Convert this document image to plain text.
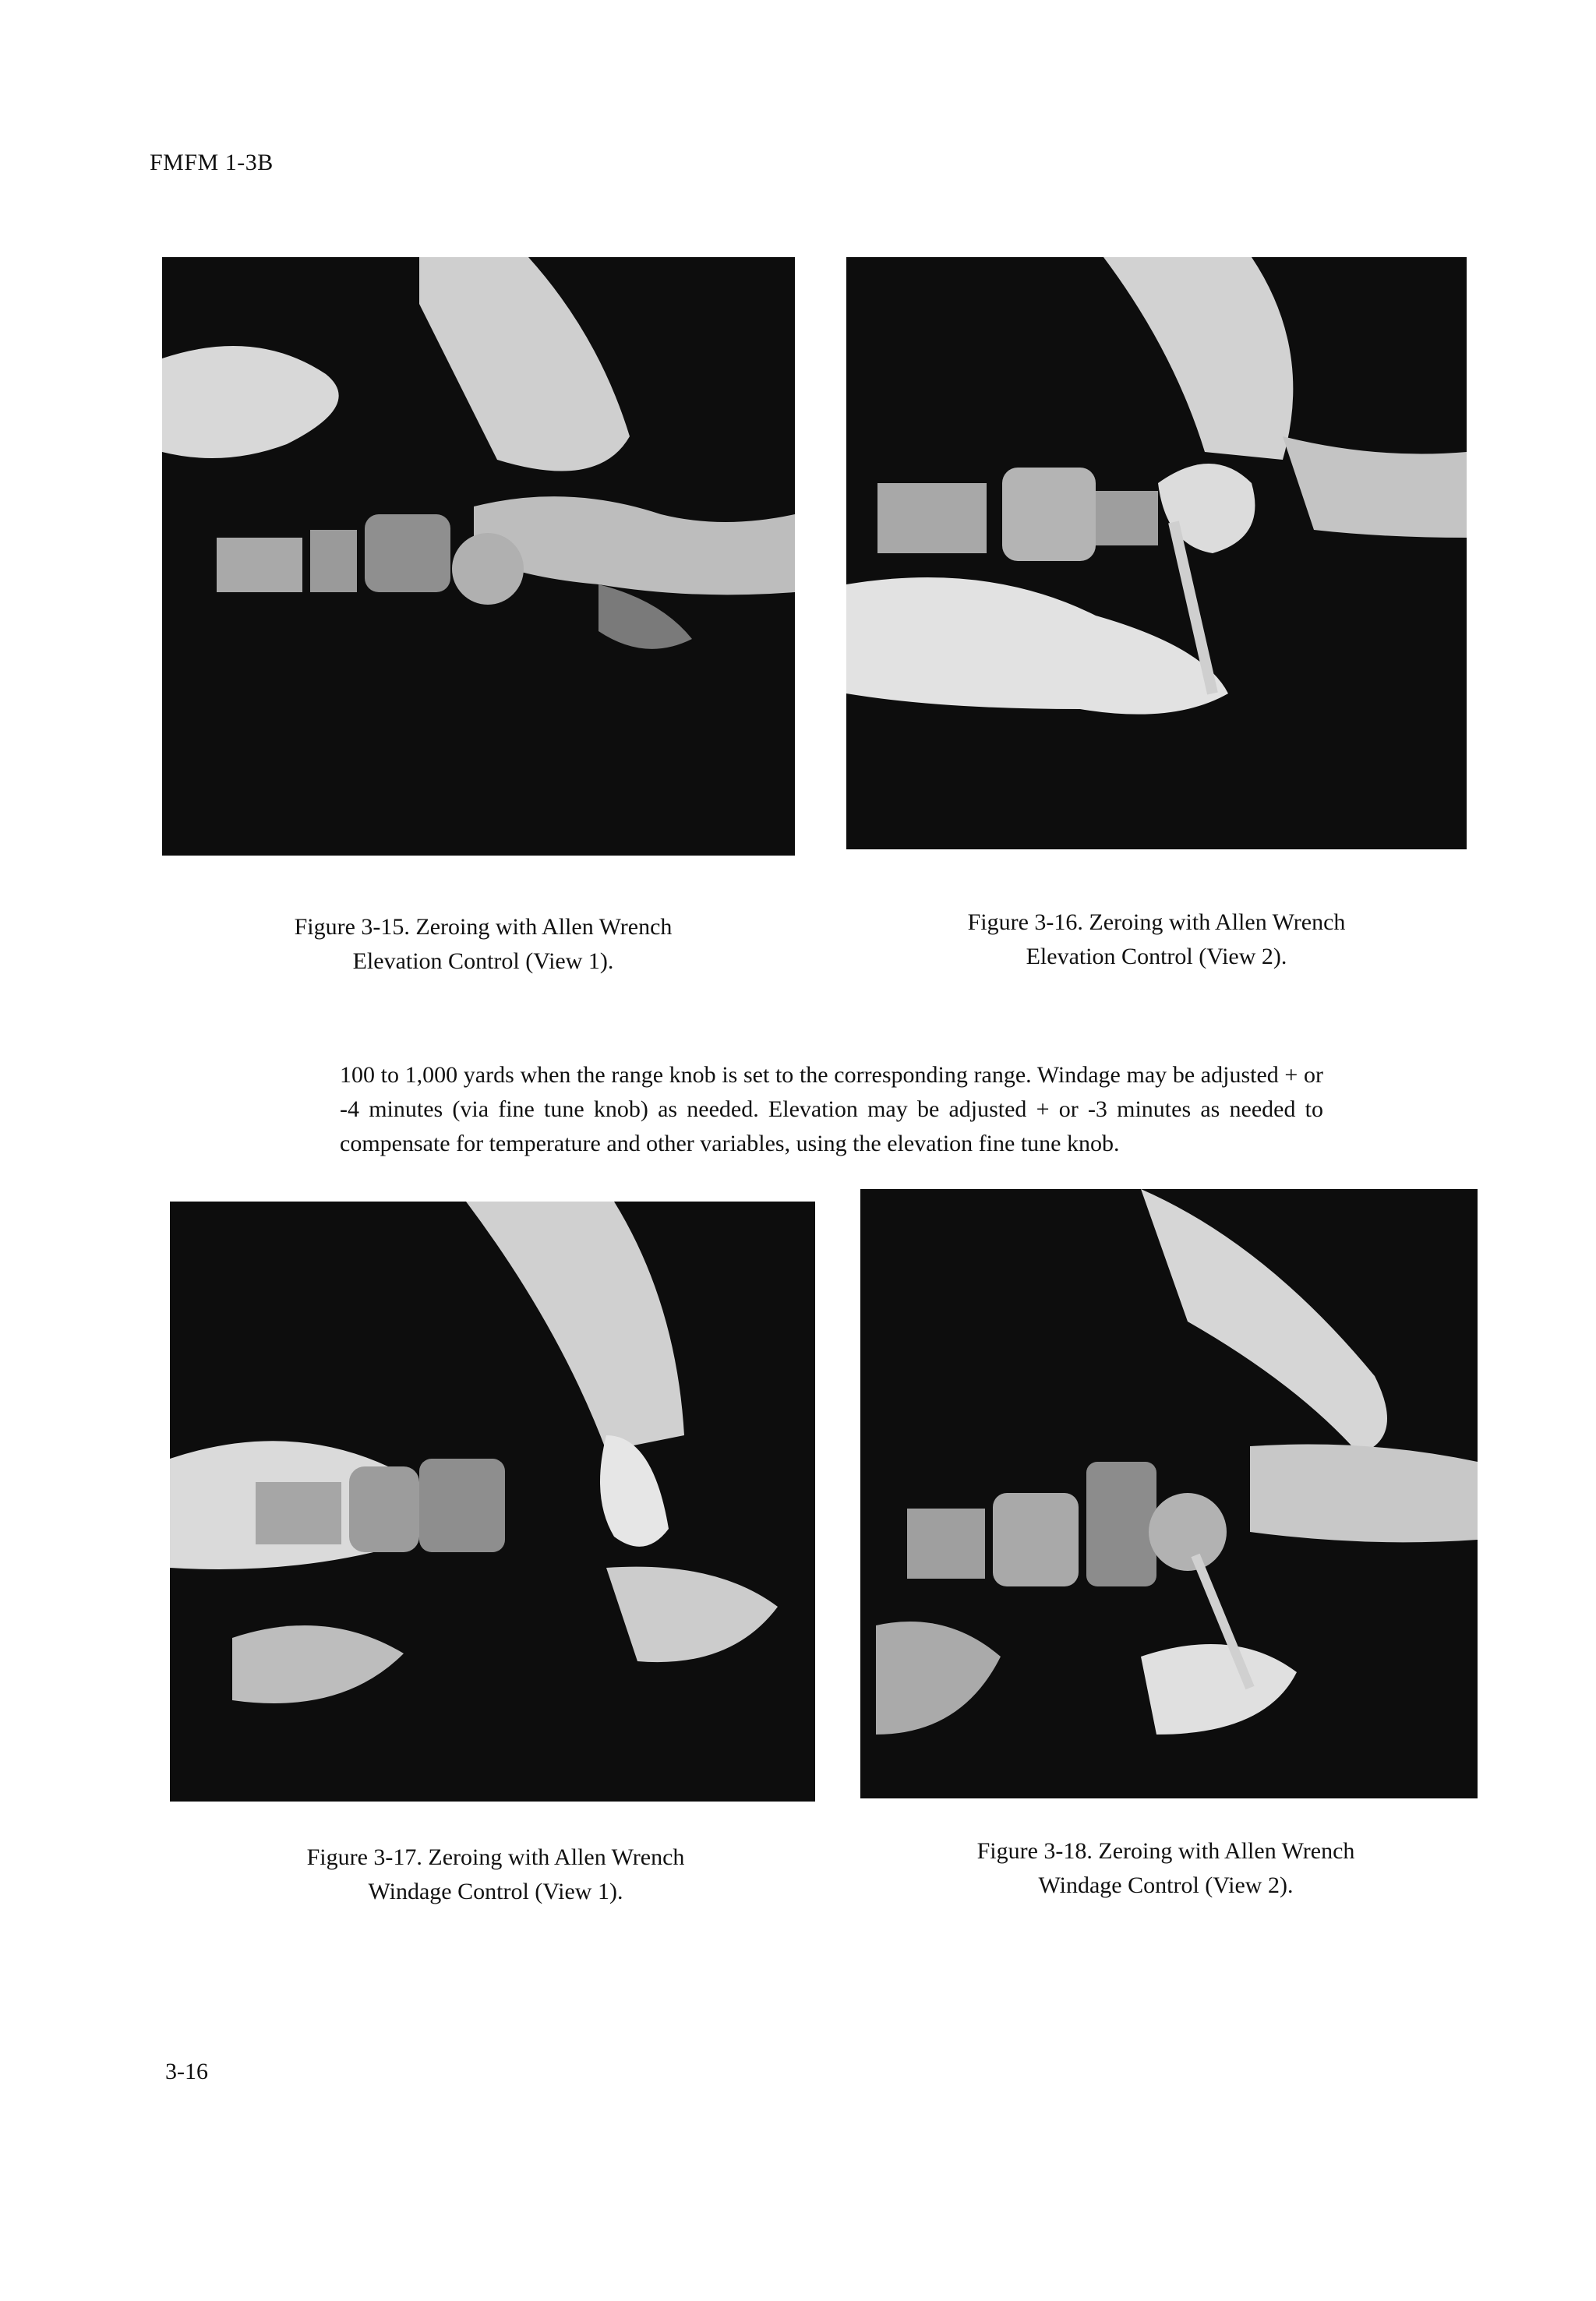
FMFM 1-3B
Figure 3-15. Zeroing with Allen Wrench
Elevation Control (View 1).
Figure 3-16. Zeroing with Allen Wrench
Elevation Control (View 2).

100 to 1,000 yards when the range knob is set to the corresponding range. Windage may be adjusted + or -4 minutes (via fine tune knob) as needed. Elevation may be adjusted + or -3 minutes as needed to compensate for temperature and other variables, using the elevation fine tune knob.

Figure 3-17. Zeroing with Allen Wrench
Windage Control (View 1).
Figure 3-18. Zeroing with Allen Wrench
Windage Control (View 2).
3-16
